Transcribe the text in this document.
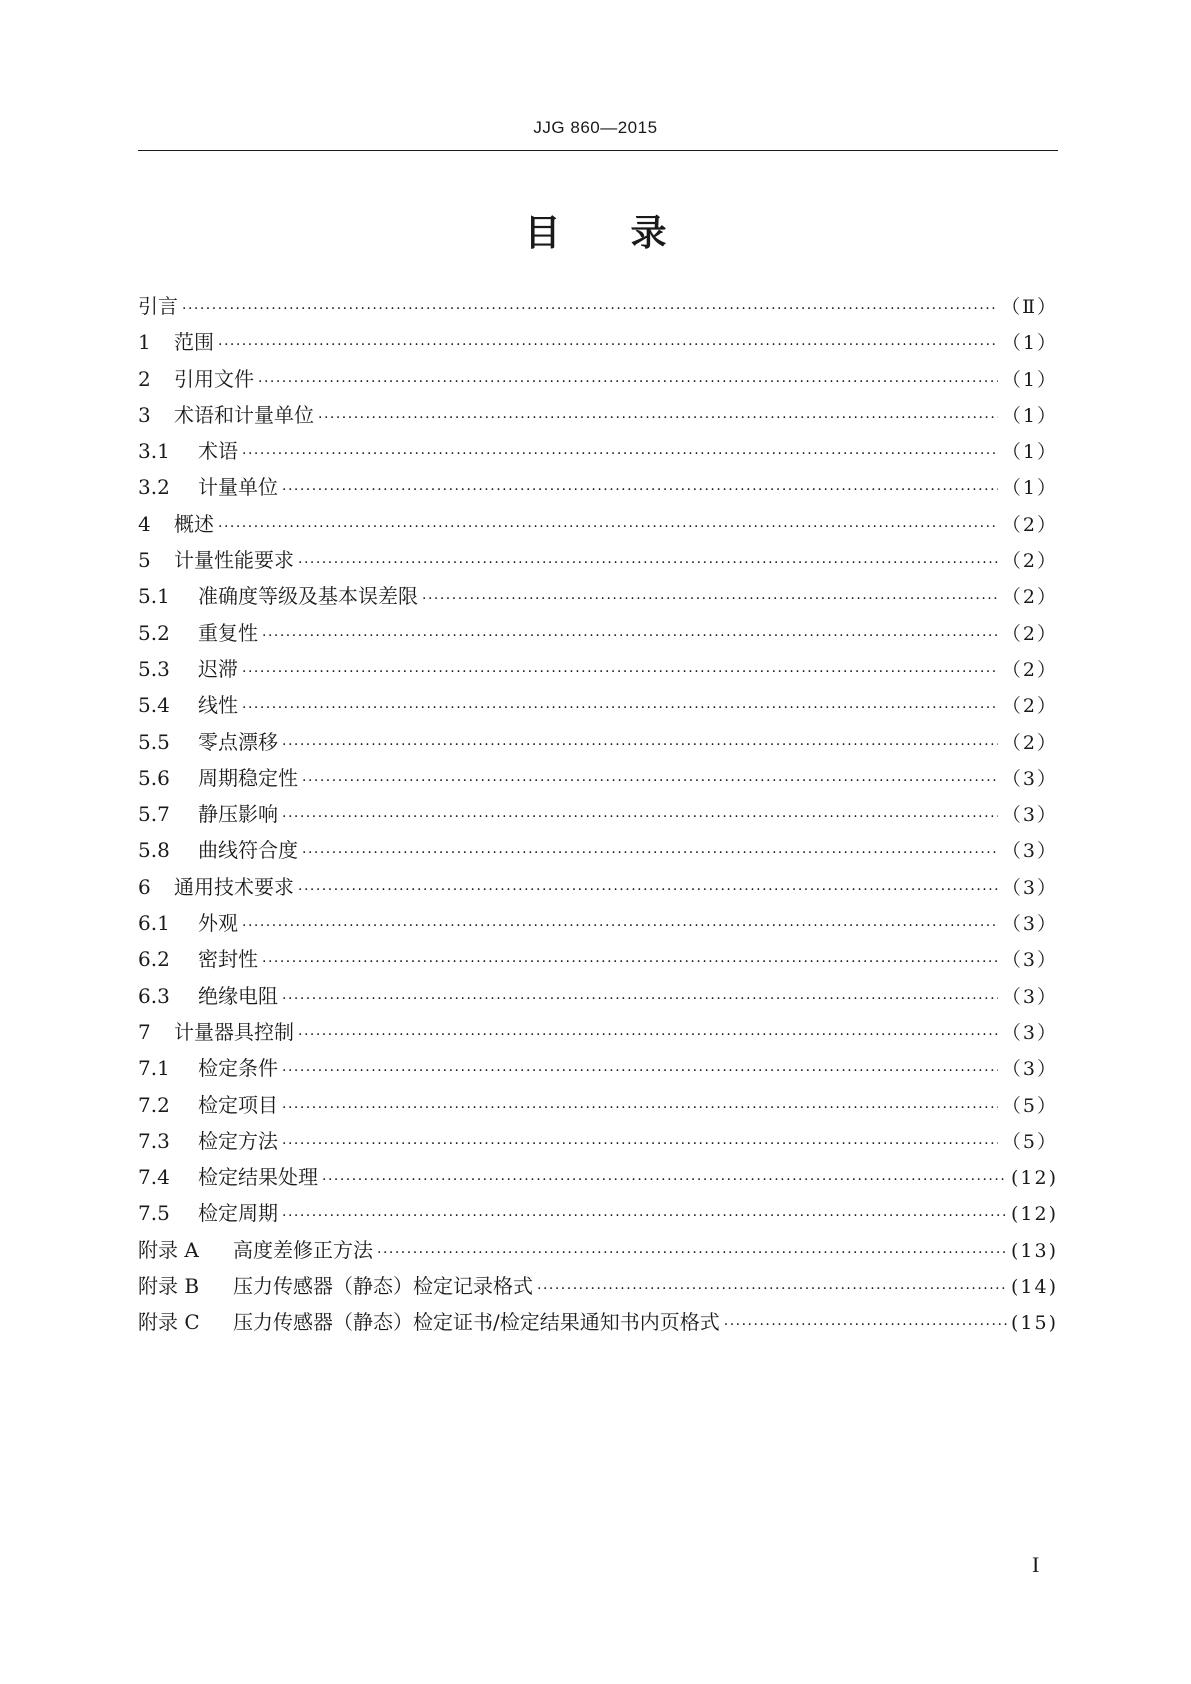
JJG 860—2015
目录
引言 ·····	（Ⅱ）
1	范围 ·····	（1）
2	引用文件 ·····	（1）
3	术语和计量单位 ·····	（1）
3.1	术语 ·····	（1）
3.2	计量单位 ·····	（1）
4	概述 ·····	（2）
5	计量性能要求 ·····	（2）
5.1	准确度等级及基本误差限 ·····	（2）
5.2	重复性 ·····	（2）
5.3	迟滞 ·····	（2）
5.4	线性 ·····	（2）
5.5	零点漂移 ·····	（2）
5.6	周期稳定性 ·····	（3）
5.7	静压影响 ·····	（3）
5.8	曲线符合度 ·····	（3）
6	通用技术要求 ·····	（3）
6.1	外观 ·····	（3）
6.2	密封性 ·····	（3）
6.3	绝缘电阻 ·····	（3）
7	计量器具控制 ·····	（3）
7.1	检定条件 ·····	（3）
7.2	检定项目 ·····	（5）
7.3	检定方法 ·····	（5）
7.4	检定结果处理 ·····	(12)
7.5	检定周期 ·····	(12)
附录 A	高度差修正方法 ·····	(13)
附录 B	压力传感器（静态）检定记录格式 ·····	(14)
附录 C	压力传感器（静态）检定证书/检定结果通知书内页格式 ·····	(15)
I
